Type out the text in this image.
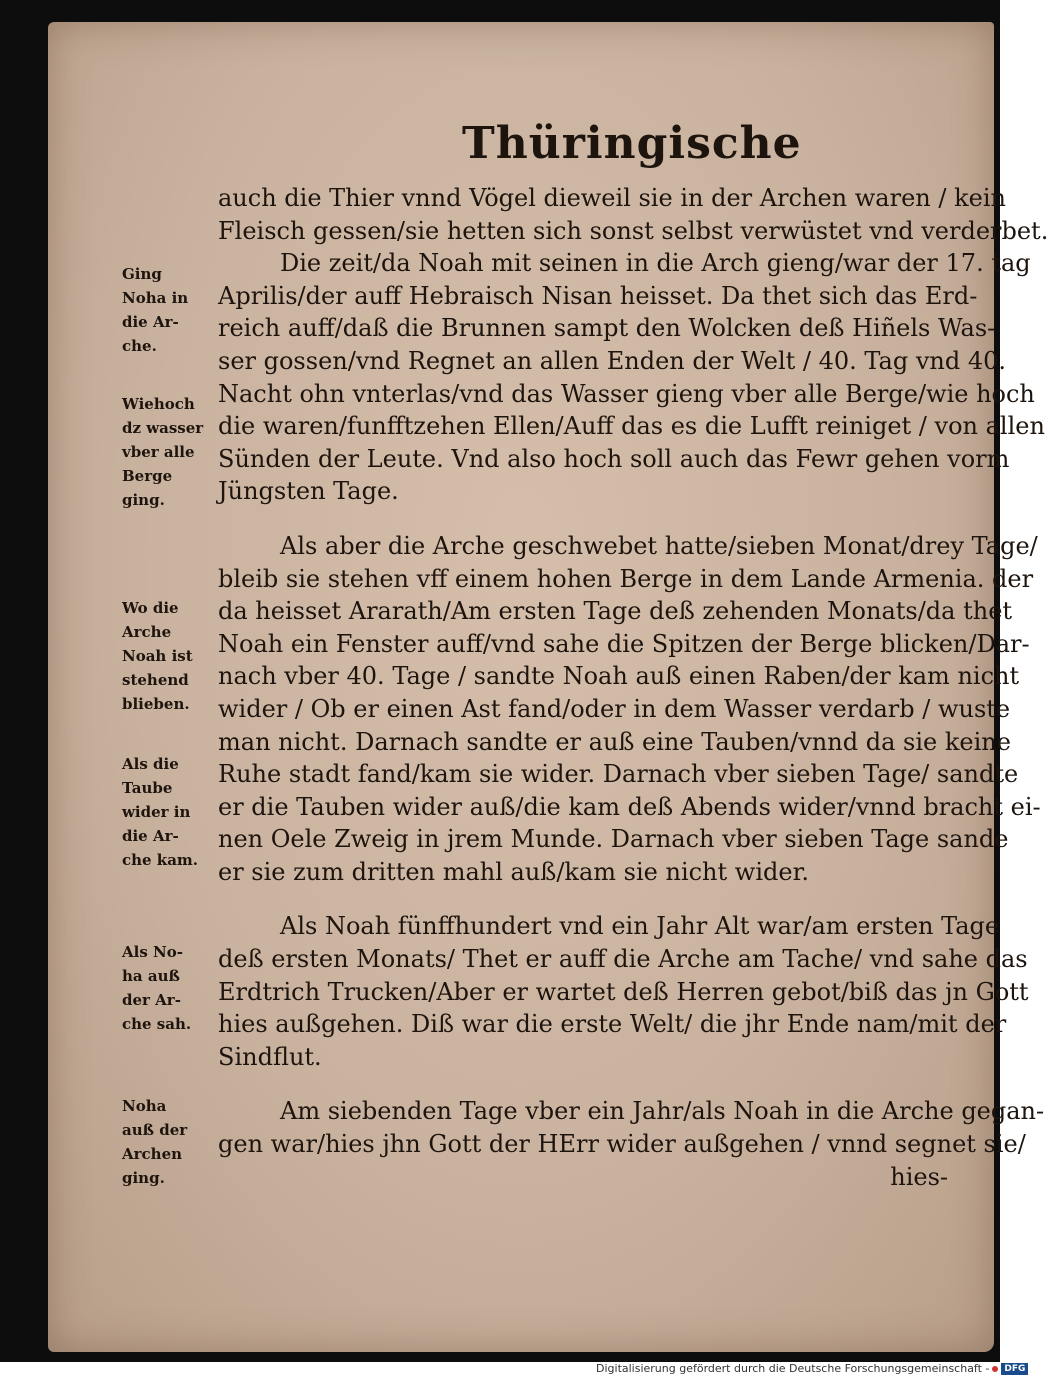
Thüringische
Ging
Noha in
die Ar-
che.
Wiehoch
dz wasser
vber alle
Berge
ging.
Wo die
Arche
Noah ist
stehend
blieben.
Als die
Taube
wider in
die Ar-
che kam.
Als No-
ha auß
der Ar-
che sah.
Noha
auß der
Archen
ging.
auch die Thier vnnd Vögel dieweil sie in der Archen waren / kein
Fleisch gessen/sie hetten sich sonst selbst verwüstet vnd verderbet.
Die zeit/da Noah mit seinen in die Arch gieng/war der 17. tag
Aprilis/der auff Hebraisch Nisan heisset. Da thet sich das Erd-
reich auff/daß die Brunnen sampt den Wolcken deß Hiñels Was-
ser gossen/vnd Regnet an allen Enden der Welt / 40. Tag vnd 40.
Nacht ohn vnterlas/vnd das Wasser gieng vber alle Berge/wie hoch
die waren/funfftzehen Ellen/Auff das es die Lufft reiniget / von allen
Sünden der Leute. Vnd also hoch soll auch das Fewr gehen vorm
Jüngsten Tage.
Als aber die Arche geschwebet hatte/sieben Monat/drey Tage/
bleib sie stehen vff einem hohen Berge in dem Lande Armenia. der
da heisset Ararath/Am ersten Tage deß zehenden Monats/da thet
Noah ein Fenster auff/vnd sahe die Spitzen der Berge blicken/Dar-
nach vber 40. Tage / sandte Noah auß einen Raben/der kam nicht
wider / Ob er einen Ast fand/oder in dem Wasser verdarb / wuste
man nicht. Darnach sandte er auß eine Tauben/vnnd da sie keine
Ruhe stadt fand/kam sie wider. Darnach vber sieben Tage/ sandte
er die Tauben wider auß/die kam deß Abends wider/vnnd bracht ei-
nen Oele Zweig in jrem Munde. Darnach vber sieben Tage sande
er sie zum dritten mahl auß/kam sie nicht wider.
Als Noah fünffhundert vnd ein Jahr Alt war/am ersten Tage
deß ersten Monats/ Thet er auff die Arche am Tache/ vnd sahe das
Erdtrich Trucken/Aber er wartet deß Herren gebot/biß das jn Gott
hies außgehen. Diß war die erste Welt/ die jhr Ende nam/mit der
Sindflut.
Am siebenden Tage vber ein Jahr/als Noah in die Arche gegan-
gen war/hies jhn Gott der HErr wider außgehen / vnnd segnet sie/
hies-
Digitalisierung gefördert durch die Deutsche Forschungsgemeinschaft - DFG
